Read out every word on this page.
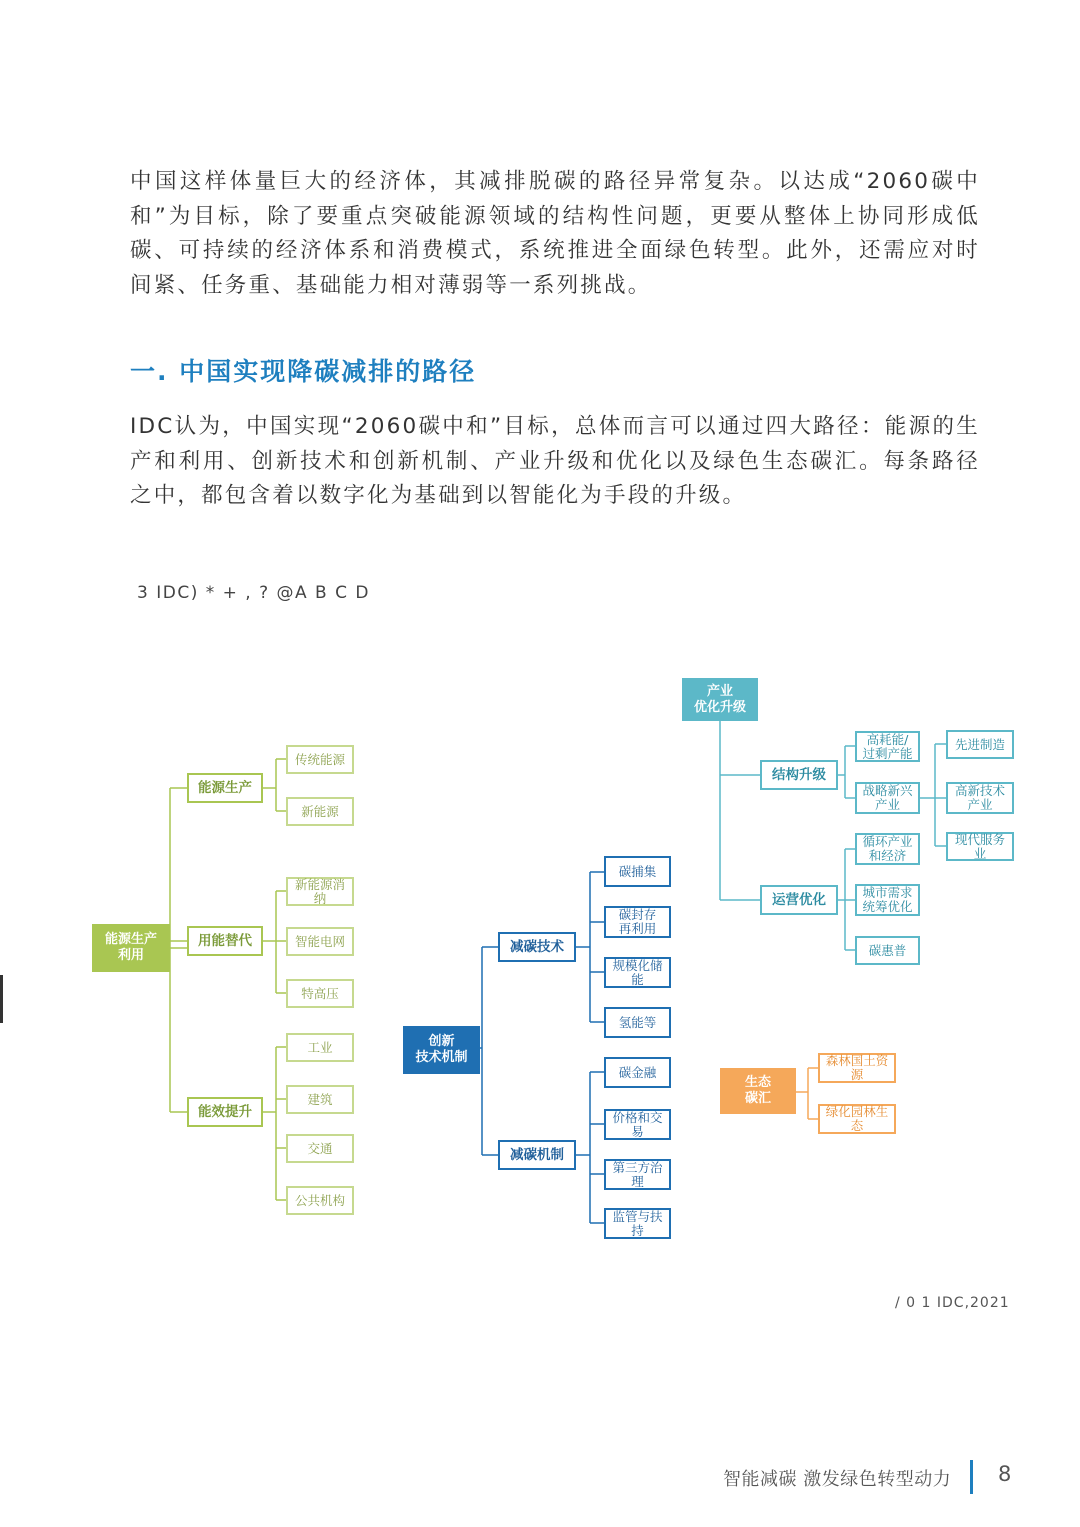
中国这样体量巨大的经济体，其减排脱碳的路径异常复杂。以达成“2060碳中和”为目标，除了要重点突破能源领域的结构性问题，更要从整体上协同形成低碳、可持续的经济体系和消费模式，系统推进全面绿色转型。此外，还需应对时间紧、任务重、基础能力相对薄弱等一系列挑战。

一. 中国实现降碳减排的路径

IDC认为，中国实现“2060碳中和”目标，总体而言可以通过四大路径：能源的生产和利用、创新技术和创新机制、产业升级和优化以及绿色生态碳汇。每条路径之中，都包含着以数字化为基础到以智能化为手段的升级。

3 IDC) * + , ? @A B C D
能源生产
利用
能源生产
用能替代
能效提升
传统能源
新能源
新能源消纳
智能电网
特高压
工业
建筑
交通
公共机构
创新
技术机制
减碳技术
减碳机制
碳捕集
碳封存
再利用
规模化储能
氢能等
碳金融
价格和交易
第三方治理
监管与扶持
产业
优化升级
结构升级
运营优化
高耗能/
过剩产能
战略新兴
产业
先进制造
高新技术
产业
现代服务业
循环产业
和经济
城市需求
统筹优化
碳惠普
生态
碳汇
森林国土资源
绿化园林生态
/ 0 1 IDC,2021
智能减碳 激发绿色转型动力 8
